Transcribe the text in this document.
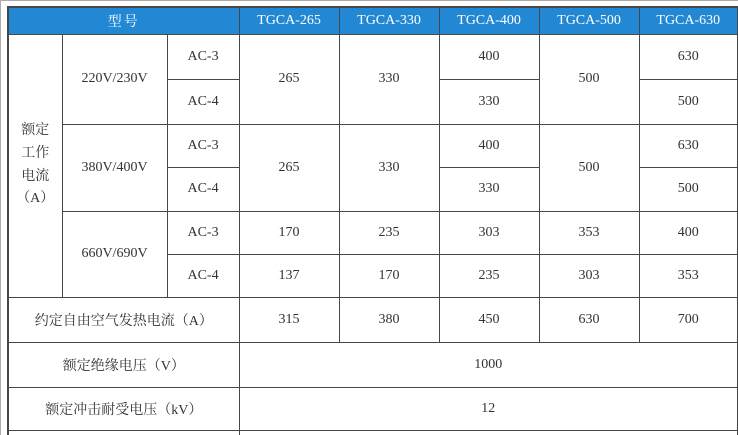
型号			TGCA-265	TGCA-330	TGCA-400	TGCA-500	TGCA-630

额定
工作
电流
（A）	220V/230V	AC-3	265	330	400	500	630
		AC-4			330		500
	380V/400V	AC-3	265	330	400	500	630
		AC-4			330		500
	660V/690V	AC-3	170	235	303	353	400
		AC-4	137	170	235	303	353
约定自由空气发热电流（A）			315	380	450	630	700
额定绝缘电压（V）			1000				
额定冲击耐受电压（kV）			12				
